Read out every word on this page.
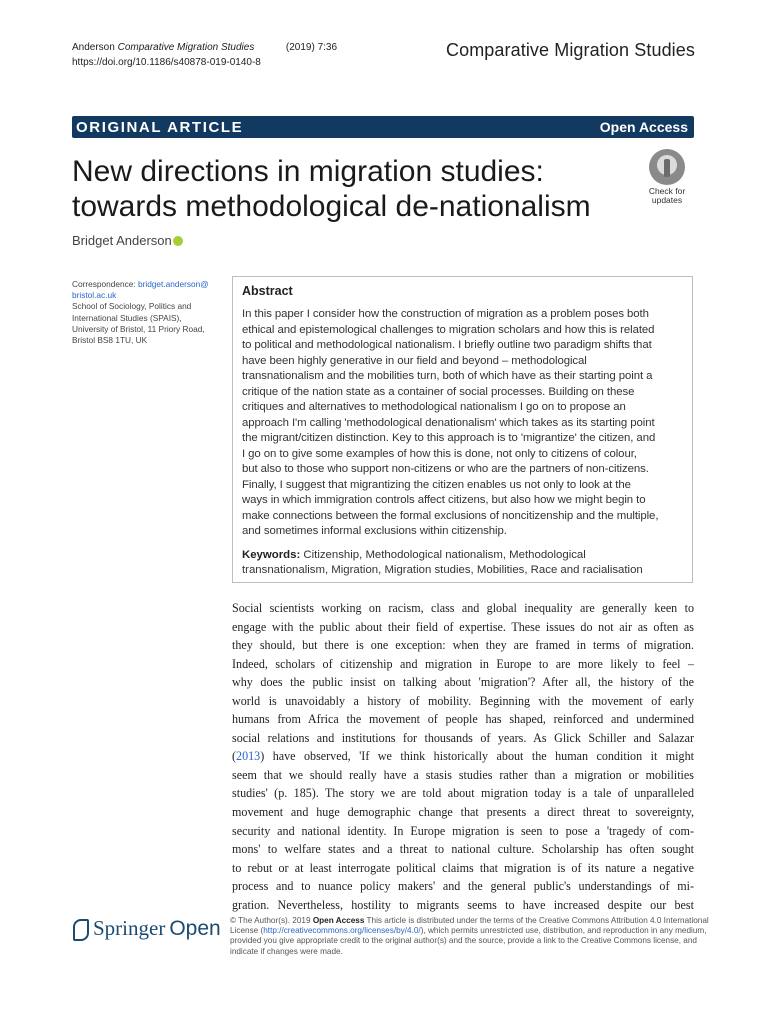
Anderson Comparative Migration Studies	(2019) 7:36
https://doi.org/10.1186/s40878-019-0140-8
Comparative Migration Studies
ORIGINAL ARTICLE	Open Access
New directions in migration studies:
towards methodological de-nationalism	Check for
updates
Bridget Anderson
Correspondence: bridget.anderson@
bristol.ac.uk
School of Sociology, Politics and
International Studies (SPAIS),
University of Bristol, 11 Priory Road,
Bristol BS8 1TU, UK
Abstract
In this paper I consider how the construction of migration as a problem poses both
ethical and epistemological challenges to migration scholars and how this is related
to political and methodological nationalism. I briefly outline two paradigm shifts that
have been highly generative in our field and beyond – methodological
transnationalism and the mobilities turn, both of which have as their starting point a
critique of the nation state as a container of social processes. Building on these
critiques and alternatives to methodological nationalism I go on to propose an
approach I'm calling 'methodological denationalism' which takes as its starting point
the migrant/citizen distinction. Key to this approach is to 'migrantize' the citizen, and
I go on to give some examples of how this is done, not only to citizens of colour,
but also to those who support non-citizens or who are the partners of non-citizens.
Finally, I suggest that migrantizing the citizen enables us not only to look at the
ways in which immigration controls affect citizens, but also how we might begin to
make connections between the formal exclusions of noncitizenship and the multiple,
and sometimes informal exclusions within citizenship.
Keywords: Citizenship, Methodological nationalism, Methodological
transnationalism, Migration, Migration studies, Mobilities, Race and racialisation
Social scientists working on racism, class and global inequality are generally keen to
engage with the public about their field of expertise. These issues do not air as often as
they should, but there is one exception: when they are framed in terms of migration.
Indeed, scholars of citizenship and migration in Europe to are more likely to feel –
why does the public insist on talking about 'migration'? After all, the history of the
world is unavoidably a history of mobility. Beginning with the movement of early
humans from Africa the movement of people has shaped, reinforced and undermined
social relations and institutions for thousands of years. As Glick Schiller and Salazar
(2013) have observed, 'If we think historically about the human condition it might
seem that we should really have a stasis studies rather than a migration or mobilities
studies' (p. 185). The story we are told about migration today is a tale of unparalleled
movement and huge demographic change that presents a direct threat to sovereignty,
security and national identity. In Europe migration is seen to pose a 'tragedy of com-
mons' to welfare states and a threat to national culture. Scholarship has often sought
to rebut or at least interrogate political claims that migration is of its nature a negative
process and to nuance policy makers' and the general public's understandings of mi-
gration. Nevertheless, hostility to migrants seems to have increased despite our best
Springer Open © The Author(s). 2019 Open Access This article is distributed under the terms of the Creative Commons Attribution 4.0 International
License (http://creativecommons.org/licenses/by/4.0/), which permits unrestricted use, distribution, and reproduction in any medium,
provided you give appropriate credit to the original author(s) and the source, provide a link to the Creative Commons license, and
indicate if changes were made.
